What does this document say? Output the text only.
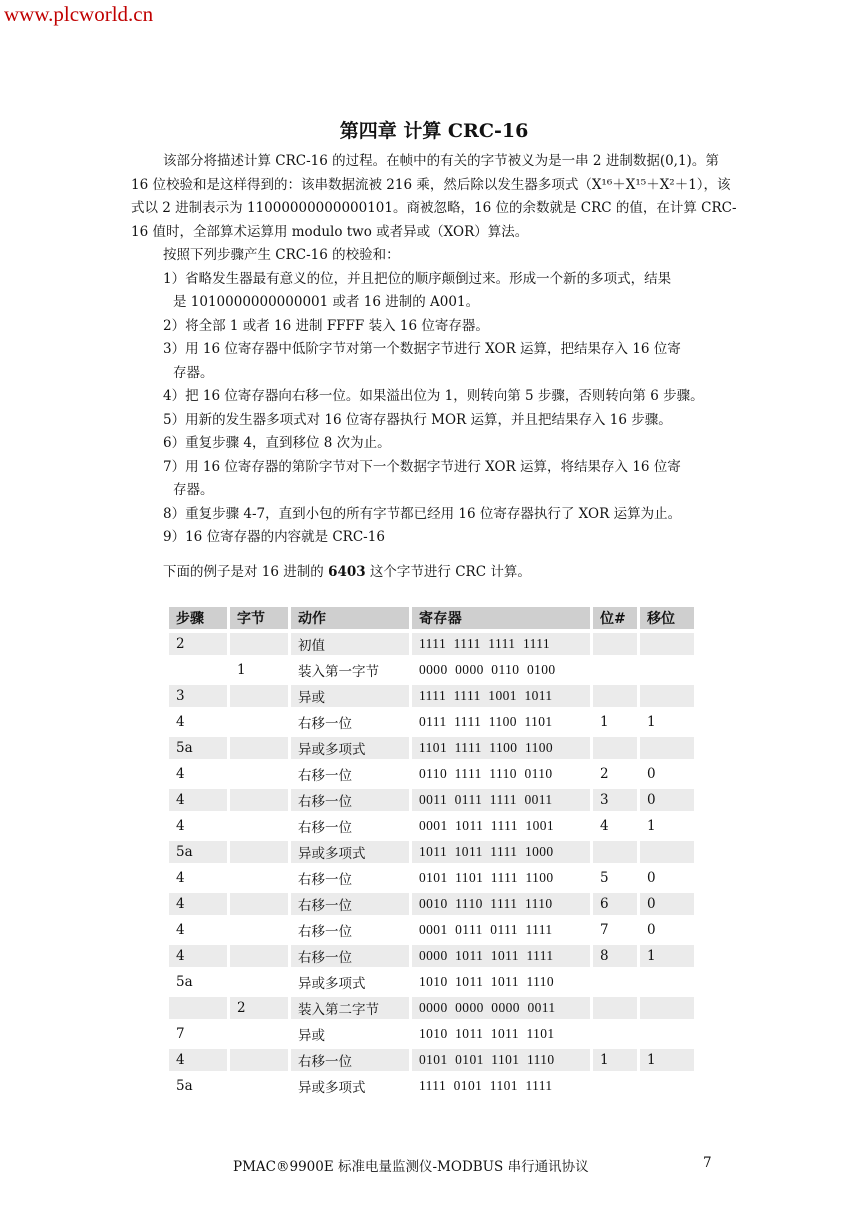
www.plcworld.cn
第四章 计算 CRC-16

该部分将描述计算 CRC-16 的过程。在帧中的有关的字节被义为是一串 2 进制数据(0,1)。第 16 位校验和是这样得到的：该串数据流被 216 乘，然后除以发生器多项式（X¹⁶＋X¹⁵＋X²＋1），该式以 2 进制表示为 11000000000000101。商被忽略，16 位的余数就是 CRC 的值，在计算 CRC-16 值时，全部算术运算用 modulo two 或者异或（XOR）算法。

按照下列步骤产生 CRC-16 的校验和：

1）省略发生器最有意义的位，并且把位的顺序颠倒过来。形成一个新的多项式，结果
是 1010000000000001 或者 16 进制的 A001。
2）将全部 1 或者 16 进制 FFFF 装入 16 位寄存器。
3）用 16 位寄存器中低阶字节对第一个数据字节进行 XOR 运算，把结果存入 16 位寄
存器。
4）把 16 位寄存器向右移一位。如果溢出位为 1，则转向第 5 步骤，否则转向第 6 步骤。
5）用新的发生器多项式对 16 位寄存器执行 MOR 运算，并且把结果存入 16 步骤。
6）重复步骤 4，直到移位 8 次为止。
7）用 16 位寄存器的第阶字节对下一个数据字节进行 XOR 运算，将结果存入 16 位寄
存器。
8）重复步骤 4-7，直到小包的所有字节都已经用 16 位寄存器执行了 XOR 运算为止。
9）16 位寄存器的内容就是 CRC-16
下面的例子是对 16 进制的 6403 这个字节进行 CRC 计算。
步骤	字节	动作	寄存器	位#	移位
2		初值	1111  1111  1111  1111		
	1	装入第一字节	0000  0000  0110  0100		
3		异或	1111  1111  1001  1011		
4		右移一位	0111  1111  1100  1101	1	1
5a		异或多项式	1101  1111  1100  1100		
4		右移一位	0110  1111  1110  0110	2	0
4		右移一位	0011  0111  1111  0011	3	0
4		右移一位	0001  1011  1111  1001	4	1
5a		异或多项式	1011  1011  1111  1000		
4		右移一位	0101  1101  1111  1100	5	0
4		右移一位	0010  1110  1111  1110	6	0
4		右移一位	0001  0111  0111  1111	7	0
4		右移一位	0000  1011  1011  1111	8	1
5a		异或多项式	1010  1011  1011  1110		
	2	装入第二字节	0000  0000  0000  0011		
7		异或	1010  1011  1011  1101		
4		右移一位	0101  0101  1101  1110	1	1
5a		异或多项式	1111  0101  1101  1111		
PMAC®9900E 标准电量监测仪-MODBUS 串行通讯协议	7
